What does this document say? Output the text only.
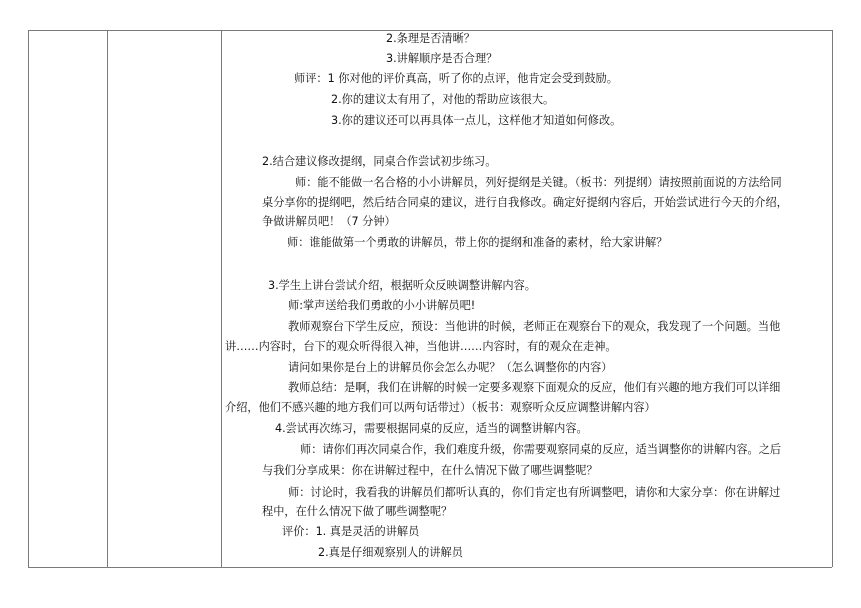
2.条理是否清晰？
3.讲解顺序是否合理？
师评：1 你对他的评价真高，听了你的点评，他肯定会受到鼓励。
2.你的建议太有用了，对他的帮助应该很大。
3.你的建议还可以再具体一点儿，这样他才知道如何修改。
2.结合建议修改提纲，同桌合作尝试初步练习。
师：能不能做一名合格的小小讲解员，列好提纲是关键。（板书：列提纲）请按照前面说的方法给同
桌分享你的提纲吧，然后结合同桌的建议，进行自我修改。确定好提纲内容后，开始尝试进行今天的介绍，
争做讲解员吧！（7 分钟）
师：谁能做第一个勇敢的讲解员，带上你的提纲和准备的素材，给大家讲解？
3.学生上讲台尝试介绍，根据听众反映调整讲解内容。
师:掌声送给我们勇敢的小小讲解员吧!
教师观察台下学生反应，预设：当他讲的时候，老师正在观察台下的观众，我发现了一个问题。当他
讲……内容时，台下的观众听得很入神，当他讲……内容时，有的观众在走神。
请问如果你是台上的讲解员你会怎么办呢？（怎么调整你的内容）
教师总结：是啊，我们在讲解的时候一定要多观察下面观众的反应，他们有兴趣的地方我们可以详细
介绍，他们不感兴趣的地方我们可以两句话带过）（板书：观察听众反应调整讲解内容）
4.尝试再次练习，需要根据同桌的反应，适当的调整讲解内容。
师：请你们再次同桌合作，我们难度升级，你需要观察同桌的反应，适当调整你的讲解内容。之后
与我们分享成果：你在讲解过程中，在什么情况下做了哪些调整呢？
师：讨论时，我看我的讲解员们都听认真的，你们肯定也有所调整吧，请你和大家分享：你在讲解过
程中，在什么情况下做了哪些调整呢？
评价：1. 真是灵活的讲解员
2.真是仔细观察别人的讲解员
